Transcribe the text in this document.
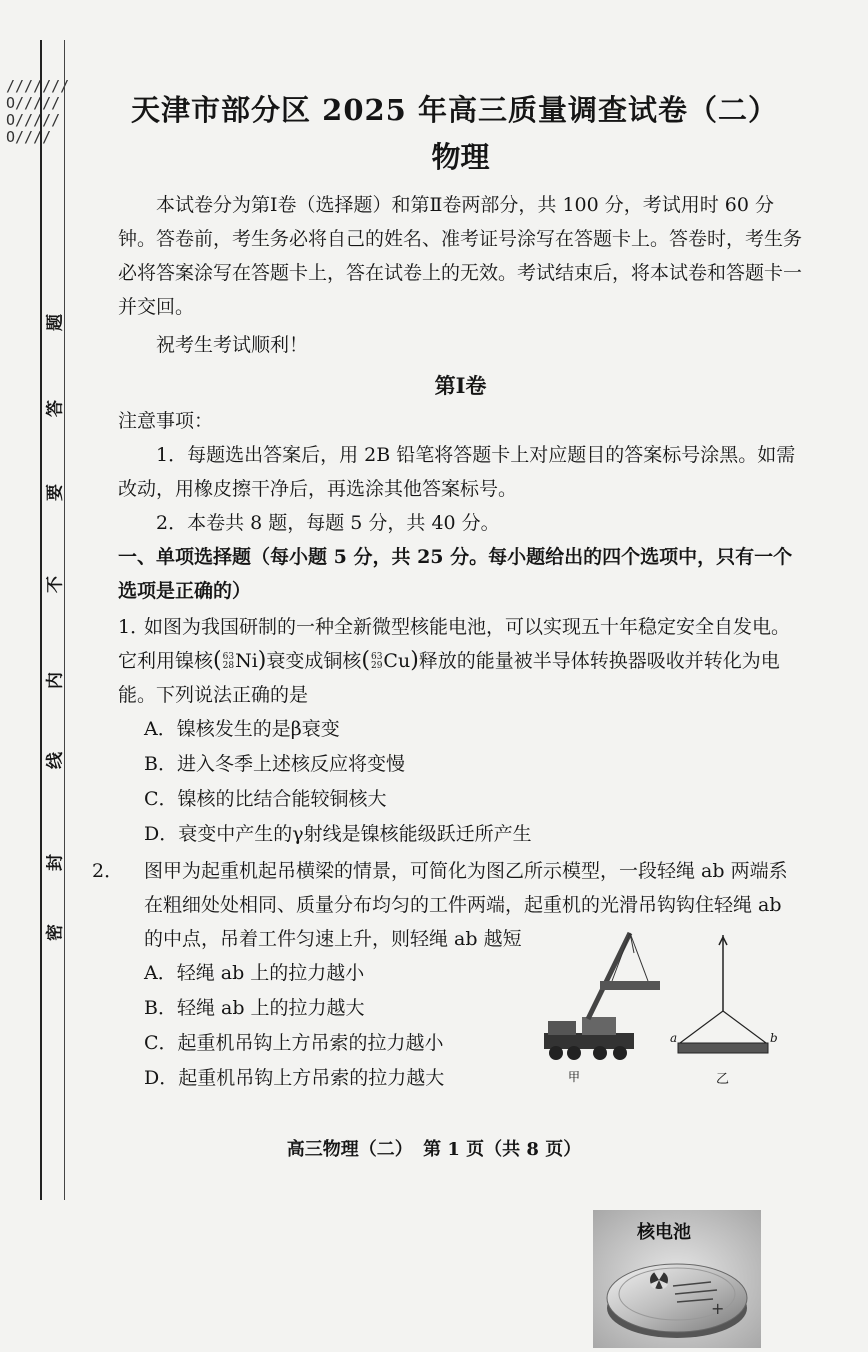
///////O/////O/////O////
密
封
线
内
不
要
答
题
天津市部分区 2025 年高三质量调查试卷（二）
物理

本试卷分为第Ⅰ卷（选择题）和第Ⅱ卷两部分，共 100 分，考试用时 60 分钟。答卷前，考生务必将自己的姓名、准考证号涂写在答题卡上。答卷时，考生务必将答案涂写在答题卡上，答在试卷上的无效。考试结束后，将本试卷和答题卡一并交回。

祝考生考试顺利！

第Ⅰ卷

注意事项：

1．每题选出答案后，用 2B 铅笔将答题卡上对应题目的答案标号涂黑。如需改动，用橡皮擦干净后，再选涂其他答案标号。

2．本卷共 8 题，每题 5 分，共 40 分。

一、单项选择题（每小题 5 分，共 25 分。每小题给出的四个选项中，只有一个选项是正确的）

1．如图为我国研制的一种全新微型核能电池，可以实现五十年稳定安全自发电。它利用镍核(63
28Ni)衰变成铜核(63
29Cu)释放的能量被半导体转换器吸收并转化为电能。下列说法正确的是

A．镍核发生的是β衰变
B．进入冬季上述核反应将变慢
C．镍核的比结合能较铜核大
D．衰变中产生的γ射线是镍核能级跃迁所产生
+
核电池

2． 图甲为起重机起吊横梁的情景，可简化为图乙所示模型，一段轻绳 ab 两端系在粗细处处相同、质量分布均匀的工件两端，起重机的光滑吊钩钩住轻绳 ab 的中点，吊着工件匀速上升，则轻绳 ab 越短

A．轻绳 ab 上的拉力越小
B．轻绳 ab 上的拉力越大
C．起重机吊钩上方吊索的拉力越小
D．起重机吊钩上方吊索的拉力越大	甲	乙
a	b
高三物理（二） 第 1 页（共 8 页）
